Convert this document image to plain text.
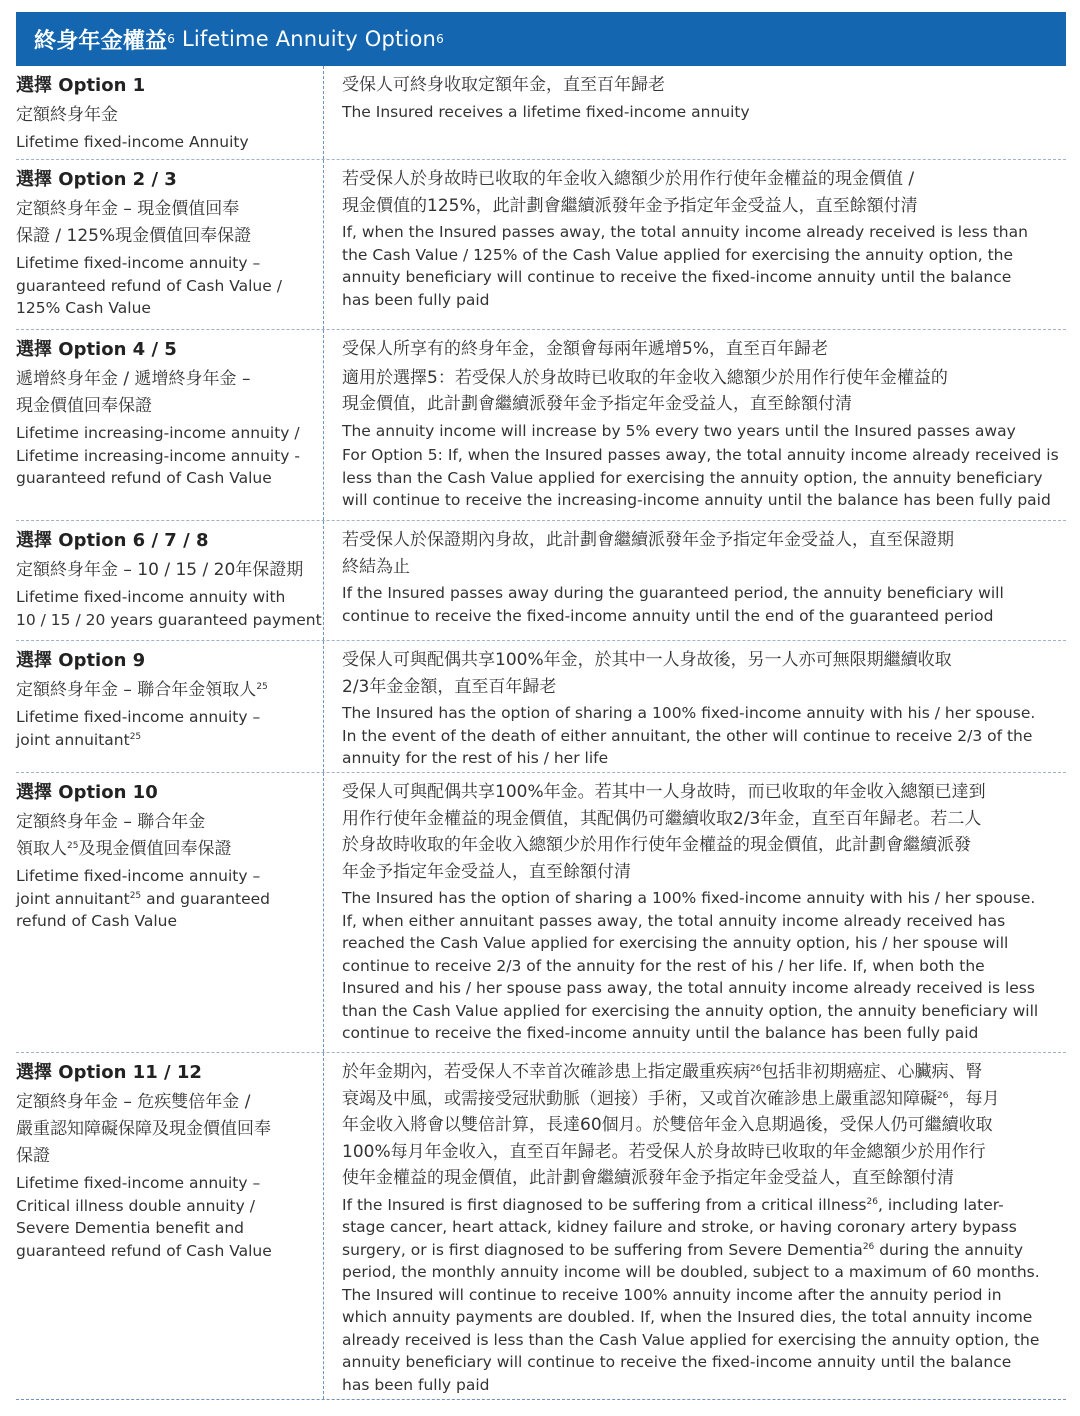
終身年金權益 6
Lifetime Annuity Option 6
選擇 Option 1
定額終身年金
Lifetime fixed-income Annuity
受保人可終身收取定額年金，直至百年歸老
The Insured receives a lifetime fixed-income annuity
選擇 Option 2 / 3
定額終身年金 – 現金價值回奉
保證 / 125%現金價值回奉保證
Lifetime fixed-income annuity –
guaranteed refund of Cash Value /
125% Cash Value
若受保人於身故時已收取的年金收入總額少於用作行使年金權益的現金價值 /
現金價值的125%，此計劃會繼續派發年金予指定年金受益人，直至餘額付清
If, when the Insured passes away, the total annuity income already received is less than
the Cash Value / 125% of the Cash Value applied for exercising the annuity option, the
annuity beneficiary will continue to receive the fixed-income annuity until the balance
has been fully paid
選擇 Option 4 / 5
遞增終身年金 / 遞增終身年金 –
現金價值回奉保證
Lifetime increasing-income annuity /
Lifetime increasing-income annuity -
guaranteed refund of Cash Value
受保人所享有的終身年金，金額會每兩年遞增5%，直至百年歸老
適用於選擇5：若受保人於身故時已收取的年金收入總額少於用作行使年金權益的
現金價值，此計劃會繼續派發年金予指定年金受益人，直至餘額付清
The annuity income will increase by 5% every two years until the Insured passes away
For Option 5: If, when the Insured passes away, the total annuity income already received is
less than the Cash Value applied for exercising the annuity option, the annuity beneficiary
will continue to receive the increasing-income annuity until the balance has been fully paid
選擇 Option 6 / 7 / 8
定額終身年金 – 10 / 15 / 20年保證期
Lifetime fixed-income annuity with
10 / 15 / 20 years guaranteed payment
若受保人於保證期內身故，此計劃會繼續派發年金予指定年金受益人，直至保證期
終結為止
If the Insured passes away during the guaranteed period, the annuity beneficiary will
continue to receive the fixed-income annuity until the end of the guaranteed period
選擇 Option 9
定額終身年金 – 聯合年金領取人$^{25}$
Lifetime fixed-income annuity –
joint annuitant$^{25}$
受保人可與配偶共享100%年金，於其中一人身故後，另一人亦可無限期繼續收取
2/3年金金額，直至百年歸老
The Insured has the option of sharing a 100% fixed-income annuity with his / her spouse.
In the event of the death of either annuitant, the other will continue to receive 2/3 of the
annuity for the rest of his / her life
選擇 Option 10
定額終身年金 – 聯合年金
領取人$^{25}$及現金價值回奉保證
Lifetime fixed-income annuity –
joint annuitant$^{25}$ and guaranteed
refund of Cash Value
受保人可與配偶共享100%年金。若其中一人身故時，而已收取的年金收入總額已達到
用作行使年金權益的現金價值，其配偶仍可繼續收取2/3年金，直至百年歸老。若二人
於身故時收取的年金收入總額少於用作行使年金權益的現金價值，此計劃會繼續派發
年金予指定年金受益人，直至餘額付清
The Insured has the option of sharing a 100% fixed-income annuity with his / her spouse.
If, when either annuitant passes away, the total annuity income already received has
reached the Cash Value applied for exercising the annuity option, his / her spouse will
continue to receive 2/3 of the annuity for the rest of his / her life. If, when both the
Insured and his / her spouse pass away, the total annuity income already received is less
than the Cash Value applied for exercising the annuity option, the annuity beneficiary will
continue to receive the fixed-income annuity until the balance has been fully paid
選擇 Option 11 / 12
定額終身年金 – 危疾雙倍年金 /
嚴重認知障礙保障及現金價值回奉
保證
Lifetime fixed-income annuity –
Critical illness double annuity /
Severe Dementia benefit and
guaranteed refund of Cash Value
於年金期內，若受保人不幸首次確診患上指定嚴重疾病$^{26}$包括非初期癌症、心臟病、腎
衰竭及中風，或需接受冠狀動脈（迴接）手術，又或首次確診患上嚴重認知障礙$^{26}$，每月
年金收入將會以雙倍計算，長達60個月。於雙倍年金入息期過後，受保人仍可繼續收取
100%每月年金收入，直至百年歸老。若受保人於身故時已收取的年金總額少於用作行
使年金權益的現金價值，此計劃會繼續派發年金予指定年金受益人，直至餘額付清
If the Insured is first diagnosed to be suffering from a critical illness$^{26}$, including later-
stage cancer, heart attack, kidney failure and stroke, or having coronary artery bypass
surgery, or is first diagnosed to be suffering from Severe Dementia$^{26}$ during the annuity
period, the monthly annuity income will be doubled, subject to a maximum of 60 months.
The Insured will continue to receive 100% annuity income after the annuity period in
which annuity payments are doubled. If, when the Insured dies, the total annuity income
already received is less than the Cash Value applied for exercising the annuity option, the
annuity beneficiary will continue to receive the fixed-income annuity until the balance
has been fully paid
